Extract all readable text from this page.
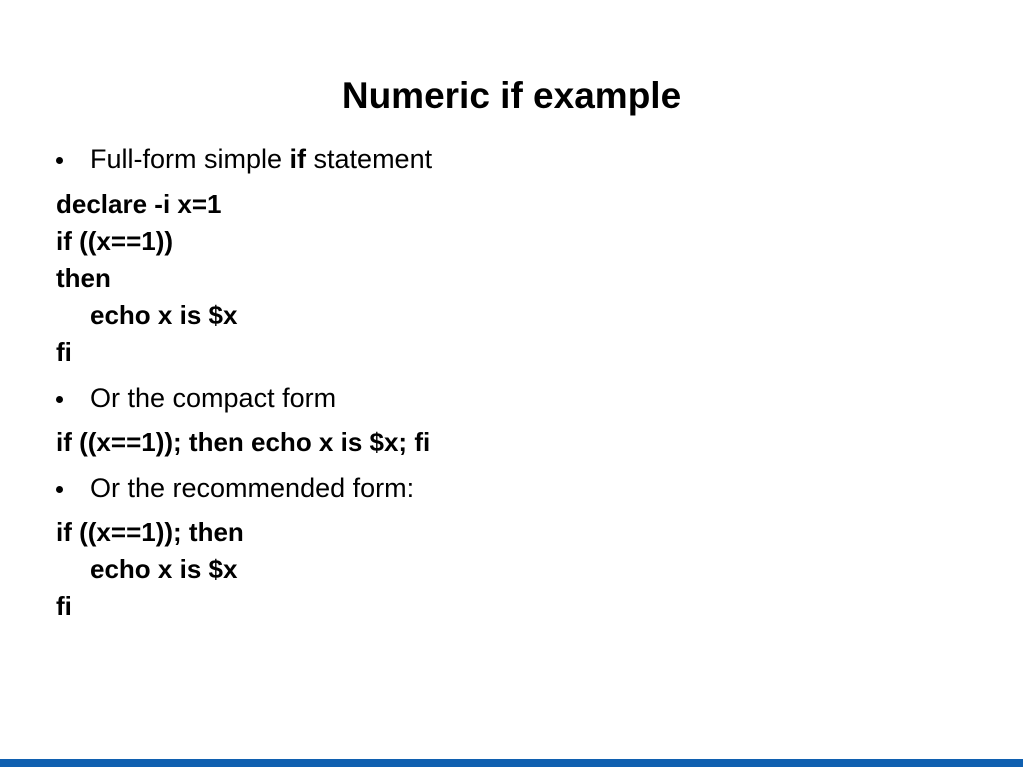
Numeric if example
Full-form simple if statement
declare -i x=1
if ((x==1))
then
echo x is $x
fi
Or the compact form
if ((x==1)); then echo x is $x; fi
Or the recommended form:
if ((x==1)); then
echo x is $x
fi
